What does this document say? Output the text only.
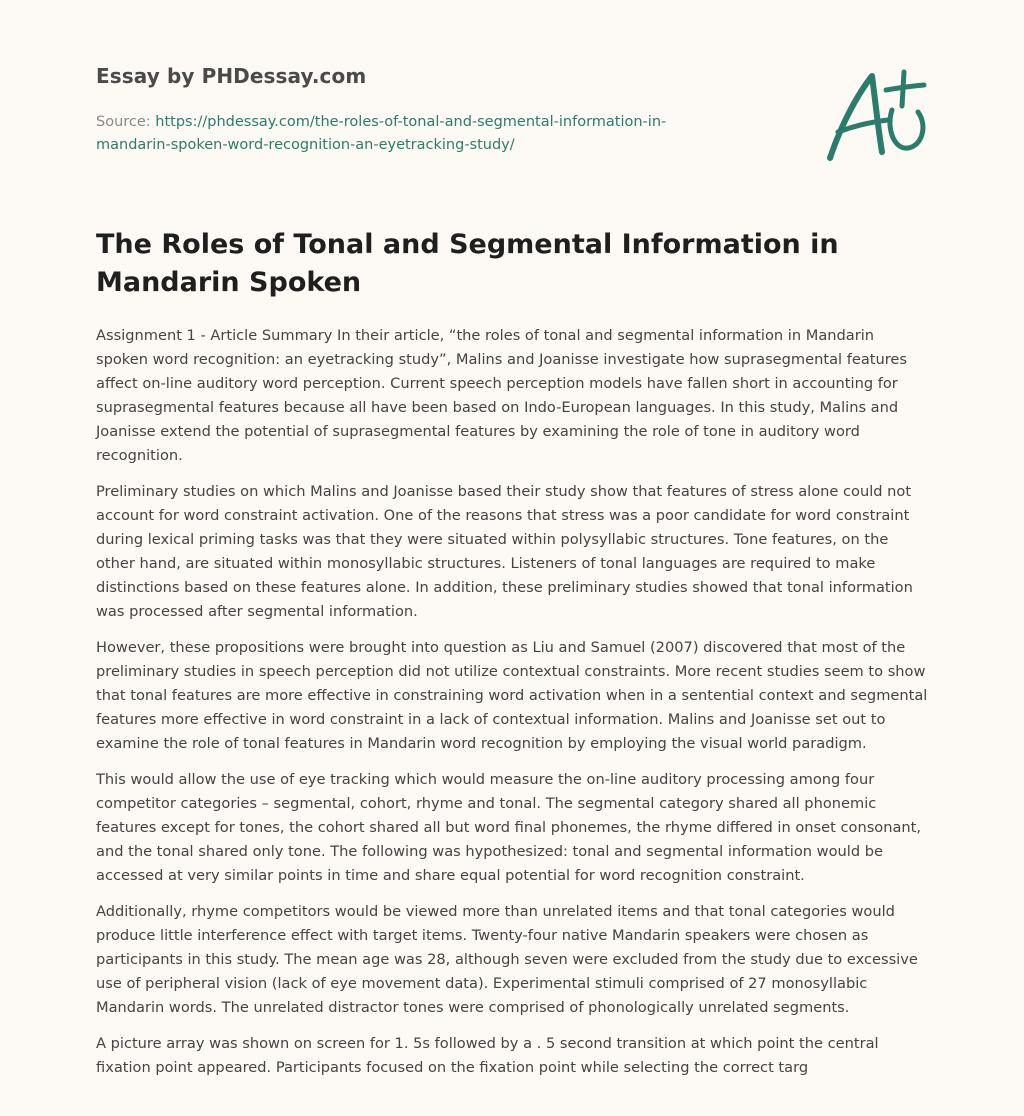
Essay by PHDessay.com
Source: https://phdessay.com/the-roles-of-tonal-and-segmental-information-in-mandarin-spoken-word-recognition-an-eyetracking-study/
The Roles of Tonal and Segmental Information in Mandarin Spoken

Assignment 1 - Article Summary In their article, “the roles of tonal and segmental information in Mandarin spoken word recognition: an eyetracking study”, Malins and Joanisse investigate how suprasegmental features affect on-line auditory word perception. Current speech perception models have fallen short in accounting for suprasegmental features because all have been based on Indo-European languages. In this study, Malins and Joanisse extend the potential of suprasegmental features by examining the role of tone in auditory word recognition.

Preliminary studies on which Malins and Joanisse based their study show that features of stress alone could not account for word constraint activation. One of the reasons that stress was a poor candidate for word constraint during lexical priming tasks was that they were situated within polysyllabic structures. Tone features, on the other hand, are situated within monosyllabic structures. Listeners of tonal languages are required to make distinctions based on these features alone. In addition, these preliminary studies showed that tonal information was processed after segmental information.

However, these propositions were brought into question as Liu and Samuel (2007) discovered that most of the preliminary studies in speech perception did not utilize contextual constraints. More recent studies seem to show that tonal features are more effective in constraining word activation when in a sentential context and segmental features more effective in word constraint in a lack of contextual information. Malins and Joanisse set out to examine the role of tonal features in Mandarin word recognition by employing the visual world paradigm.

This would allow the use of eye tracking which would measure the on-line auditory processing among four competitor categories – segmental, cohort, rhyme and tonal. The segmental category shared all phonemic features except for tones, the cohort shared all but word final phonemes, the rhyme differed in onset consonant, and the tonal shared only tone. The following was hypothesized: tonal and segmental information would be accessed at very similar points in time and share equal potential for word recognition constraint.

Additionally, rhyme competitors would be viewed more than unrelated items and that tonal categories would produce little interference effect with target items. Twenty-four native Mandarin speakers were chosen as participants in this study. The mean age was 28, although seven were excluded from the study due to excessive use of peripheral vision (lack of eye movement data). Experimental stimuli comprised of 27 monosyllabic Mandarin words. The unrelated distractor tones were comprised of phonologically unrelated segments.

A picture array was shown on screen for 1. 5s followed by a . 5 second transition at which point the central fixation point appeared. Participants focused on the fixation point while selecting the correct targ
